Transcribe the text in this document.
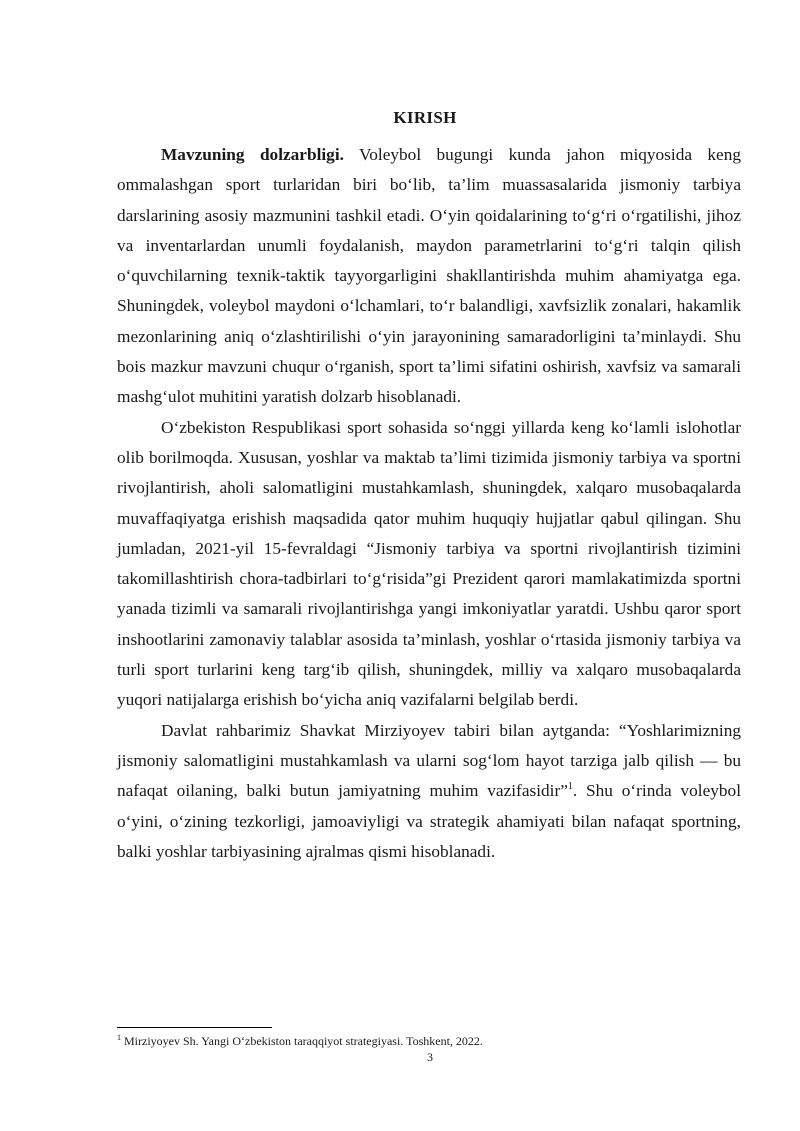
KIRISH

Mavzuning dolzarbligi. Voleybol bugungi kunda jahon miqyosida keng ommalashgan sport turlaridan biri bo‘lib, ta’lim muassasalarida jismoniy tarbiya darslarining asosiy mazmunini tashkil etadi. O‘yin qoidalarining to‘g‘ri o‘rgatilishi, jihoz va inventarlardan unumli foydalanish, maydon parametrlarini to‘g‘ri talqin qilish o‘quvchilarning texnik-taktik tayyorgarligini shakllantirishda muhim ahamiyatga ega. Shuningdek, voleybol maydoni o‘lchamlari, to‘r balandligi, xavfsizlik zonalari, hakamlik mezonlarining aniq o‘zlashtirilishi o‘yin jarayonining samaradorligini ta’minlaydi. Shu bois mazkur mavzuni chuqur o‘rganish, sport ta’limi sifatini oshirish, xavfsiz va samarali mashg‘ulot muhitini yaratish dolzarb hisoblanadi.

O‘zbekiston Respublikasi sport sohasida so‘nggi yillarda keng ko‘lamli islohotlar olib borilmoqda. Xususan, yoshlar va maktab ta’limi tizimida jismoniy tarbiya va sportni rivojlantirish, aholi salomatligini mustahkamlash, shuningdek, xalqaro musobaqalarda muvaffaqiyatga erishish maqsadida qator muhim huquqiy hujjatlar qabul qilingan. Shu jumladan, 2021-yil 15-fevraldagi “Jismoniy tarbiya va sportni rivojlantirish tizimini takomillashtirish chora-tadbirlari to‘g‘risida”gi Prezident qarori mamlakatimizda sportni yanada tizimli va samarali rivojlantirishga yangi imkoniyatlar yaratdi. Ushbu qaror sport inshootlarini zamonaviy talablar asosida ta’minlash, yoshlar o‘rtasida jismoniy tarbiya va turli sport turlarini keng targ‘ib qilish, shuningdek, milliy va xalqaro musobaqalarda yuqori natijalarga erishish bo‘yicha aniq vazifalarni belgilab berdi.

Davlat rahbarimiz Shavkat Mirziyoyev tabiri bilan aytganda: “Yoshlarimizning jismoniy salomatligini mustahkamlash va ularni sog‘lom hayot tarziga jalb qilish — bu nafaqat oilaning, balki butun jamiyatning muhim vazifasidir”$^1$. Shu o‘rinda voleybol o‘yini, o‘zining tezkorligi, jamoaviyligi va strategik ahamiyati bilan nafaqat sportning, balki yoshlar tarbiyasining ajralmas qismi hisoblanadi.

$^1$ Mirziyoyev Sh. Yangi O‘zbekiston taraqqiyot strategiyasi. Toshkent, 2022.
3
